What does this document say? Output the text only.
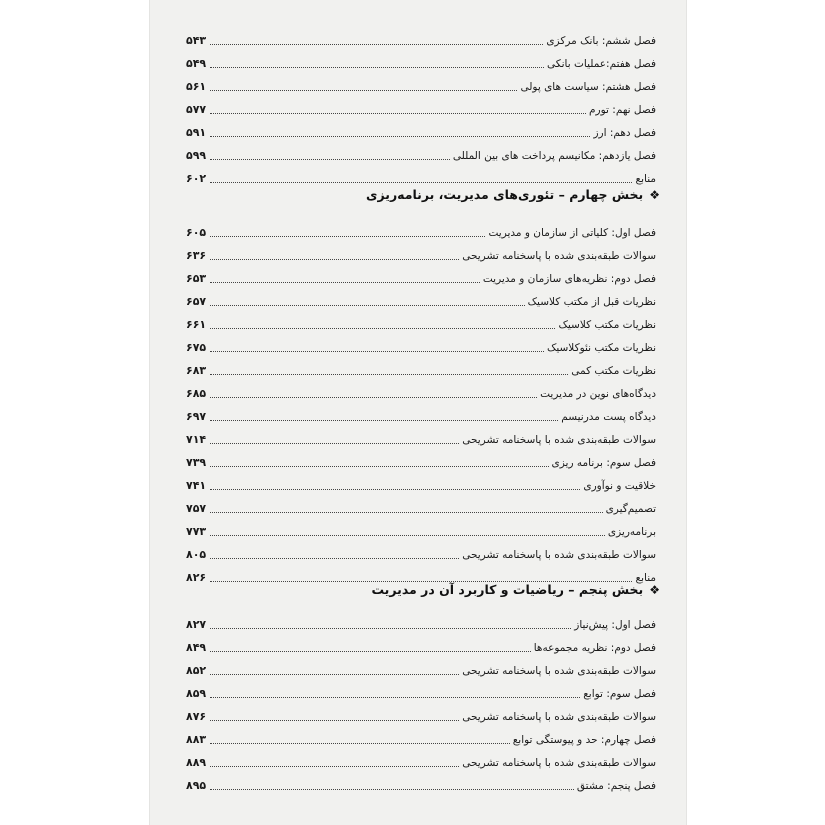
فصل ششم: بانک مرکزی
۵۴۳
فصل هفتم:عملیات بانکی
۵۴۹
فصل هشتم: سیاست های پولی
۵۶۱
فصل نهم: تورم
۵۷۷
فصل دهم: ارز
۵۹۱
فصل یازدهم: مکانیسم پرداخت های بین المللی
۵۹۹
منابع
۶۰۲
❖بخش چهارم – تئوری‌های مدیریت، برنامه‌ریزی
فصل اول: کلیاتی از سازمان و مدیریت
۶۰۵
سوالات طبقه‌بندی شده با پاسخنامه تشریحی
۶۳۶
فصل دوم: نظریه‌های سازمان و مدیریت
۶۵۳
نظریات قبل از مکتب کلاسیک
۶۵۷
نظریات مکتب کلاسیک
۶۶۱
نظریات مکتب نئوکلاسیک
۶۷۵
نظریات مکتب کمی
۶۸۳
دیدگاه‌های نوین در مدیریت
۶۸۵
دیدگاه پست مدرنیسم
۶۹۷
سوالات طبقه‌بندی شده با پاسخنامه تشریحی
۷۱۴
فصل سوم: برنامه ریزی
۷۳۹
خلاقیت و نوآوری
۷۴۱
تصمیم‌گیری
۷۵۷
برنامه‌ریزی
۷۷۳
سوالات طبقه‌بندی شده با پاسخنامه تشریحی
۸۰۵
منابع
۸۲۶
❖بخش پنجم – ریاضیات و کاربرد آن در مدیریت
فصل اول: پیش‌نیاز
۸۲۷
فصل دوم: نظریه مجموعه‌ها
۸۴۹
سوالات طبقه‌بندی شده با پاسخنامه تشریحی
۸۵۲
فصل سوم: توابع
۸۵۹
سوالات طبقه‌بندی شده با پاسخنامه تشریحی
۸۷۶
فصل چهارم: حد و پیوستگی توابع
۸۸۳
سوالات طبقه‌بندی شده با پاسخنامه تشریحی
۸۸۹
فصل پنجم: مشتق
۸۹۵
